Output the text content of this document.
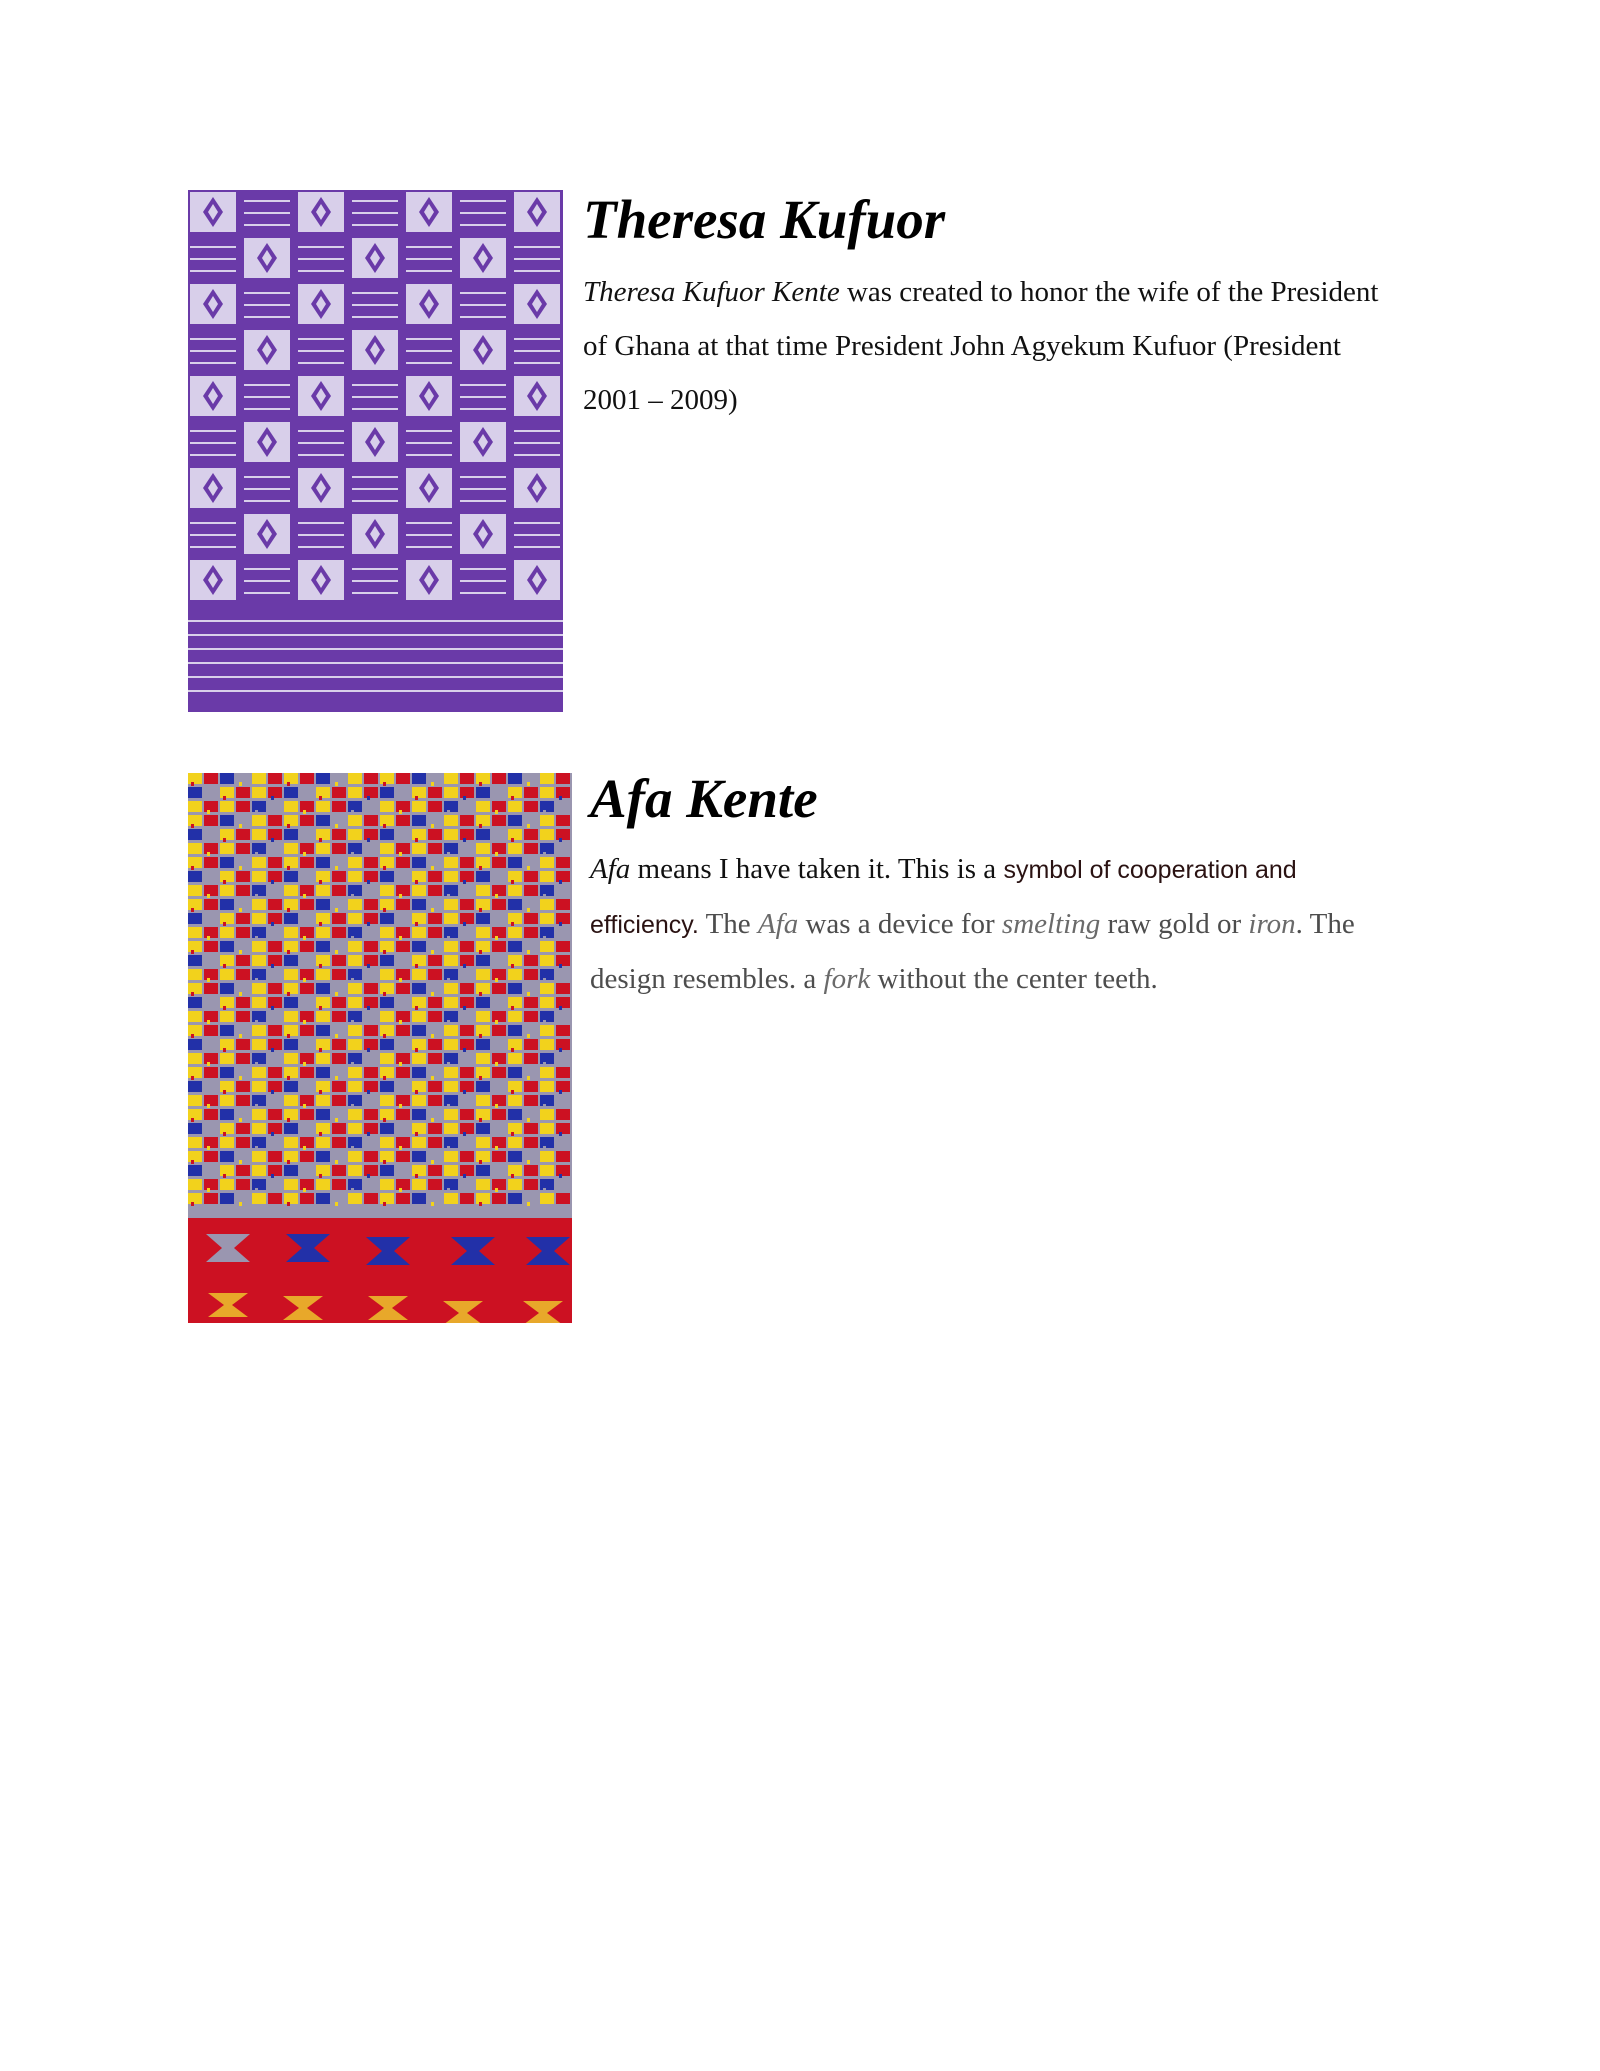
Theresa Kufuor

Theresa Kufuor Kente was created to honor the wife of the President of Ghana at that time President John Agyekum Kufuor (President 2001 – 2009)

Afa Kente

Afa means I have taken it. This is a symbol of cooperation and efficiency. The Afa was a device for smelting raw gold or iron. The design resembles. a fork without the center teeth.
